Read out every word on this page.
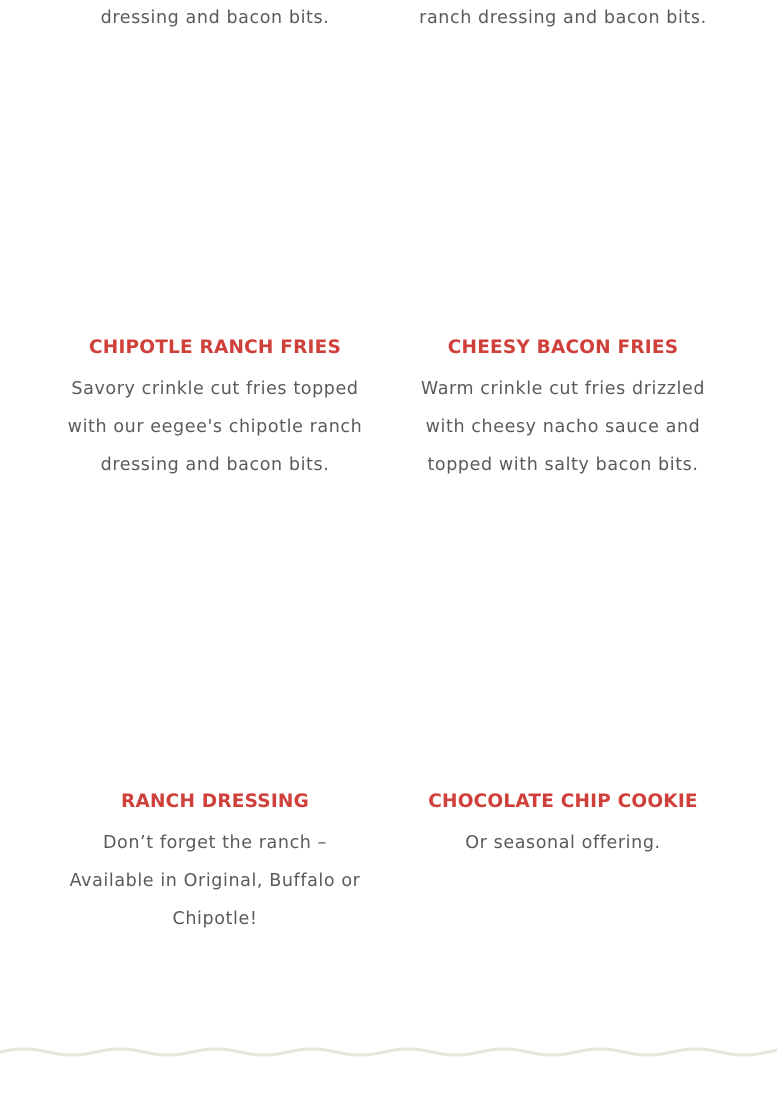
dressing and bacon bits.	ranch dressing and bacon bits.

CHIPOTLE RANCH FRIES

Savory crinkle cut fries topped with our eegee's chipotle ranch dressing and bacon bits.

CHEESY BACON FRIES

Warm crinkle cut fries drizzled with cheesy nacho sauce and topped with salty bacon bits.

RANCH DRESSING

Don’t forget the ranch – Available in Original, Buffalo or Chipotle!

CHOCOLATE CHIP COOKIE

Or seasonal offering.
